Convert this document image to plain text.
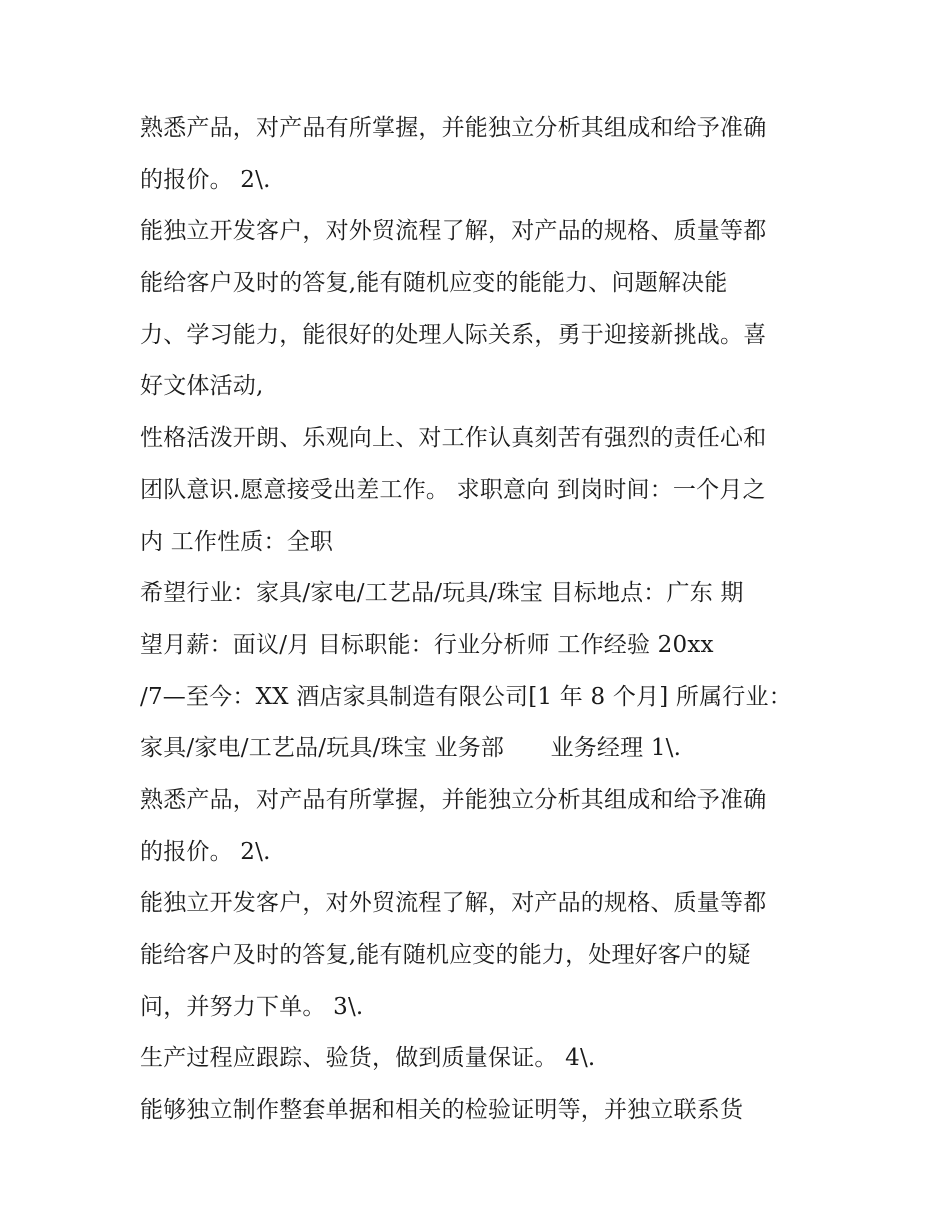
熟悉产品，对产品有所掌握，并能独立分析其组成和给予准确
的报价。 2\.
能独立开发客户，对外贸流程了解，对产品的规格、质量等都
能给客户及时的答复,能有随机应变的能能力、问题解决能
力、学习能力，能很好的处理人际关系，勇于迎接新挑战。喜
好文体活动,
性格活泼开朗、乐观向上、对工作认真刻苦有强烈的责任心和
团队意识.愿意接受出差工作。 求职意向 到岗时间：一个月之
内 工作性质：全职
希望行业：家具/家电/工艺品/玩具/珠宝 目标地点：广东 期
望月薪：面议/月 目标职能：行业分析师 工作经验 20xx
/7—至今：XX 酒店家具制造有限公司[1 年 8 个月] 所属行业：
家具/家电/工艺品/玩具/珠宝 业务部　　业务经理 1\.
熟悉产品，对产品有所掌握，并能独立分析其组成和给予准确
的报价。 2\.
能独立开发客户，对外贸流程了解，对产品的规格、质量等都
能给客户及时的答复,能有随机应变的能力，处理好客户的疑
问，并努力下单。 3\.
生产过程应跟踪、验货，做到质量保证。 4\.
能够独立制作整套单据和相关的检验证明等，并独立联系货
